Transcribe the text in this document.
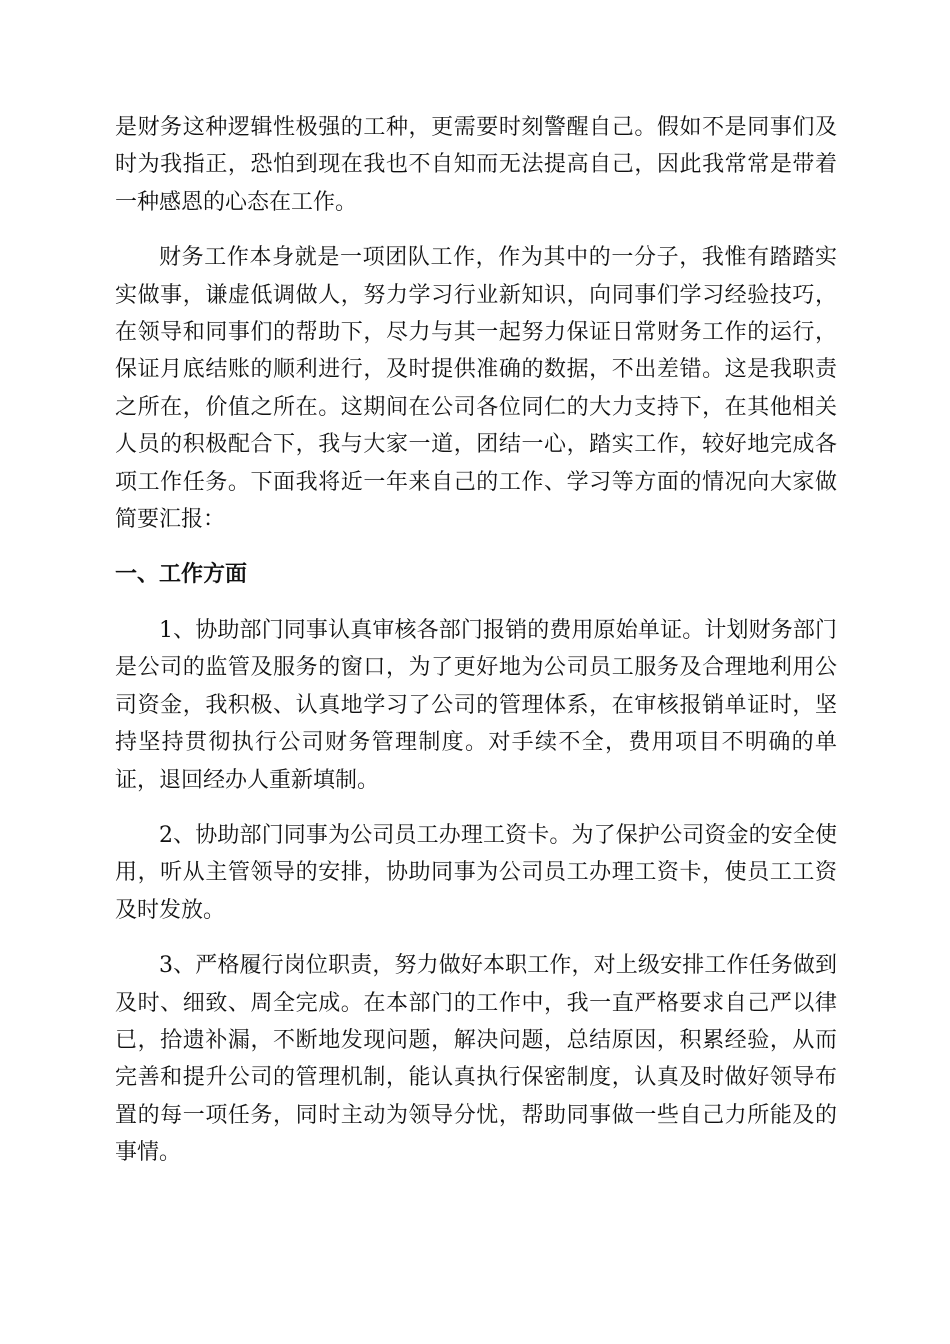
是财务这种逻辑性极强的工种，更需要时刻警醒自己。假如不是同事们及时为我指正，恐怕到现在我也不自知而无法提高自己，因此我常常是带着一种感恩的心态在工作。

财务工作本身就是一项团队工作，作为其中的一分子，我惟有踏踏实实做事，谦虚低调做人，努力学习行业新知识，向同事们学习经验技巧，在领导和同事们的帮助下，尽力与其一起努力保证日常财务工作的运行，保证月底结账的顺利进行，及时提供准确的数据，不出差错。这是我职责之所在，价值之所在。这期间在公司各位同仁的大力支持下，在其他相关人员的积极配合下，我与大家一道，团结一心，踏实工作，较好地完成各项工作任务。下面我将近一年来自己的工作、学习等方面的情况向大家做简要汇报：

一、工作方面

1、协助部门同事认真审核各部门报销的费用原始单证。计划财务部门是公司的监管及服务的窗口，为了更好地为公司员工服务及合理地利用公司资金，我积极、认真地学习了公司的管理体系，在审核报销单证时，坚持坚持贯彻执行公司财务管理制度。对手续不全，费用项目不明确的单证，退回经办人重新填制。

2、协助部门同事为公司员工办理工资卡。为了保护公司资金的安全使用，听从主管领导的安排，协助同事为公司员工办理工资卡，使员工工资及时发放。

3、严格履行岗位职责，努力做好本职工作，对上级安排工作任务做到及时、细致、周全完成。在本部门的工作中，我一直严格要求自己严以律已，拾遗补漏，不断地发现问题，解决问题，总结原因，积累经验，从而完善和提升公司的管理机制，能认真执行保密制度，认真及时做好领导布置的每一项任务，同时主动为领导分忧，帮助同事做一些自己力所能及的事情。
